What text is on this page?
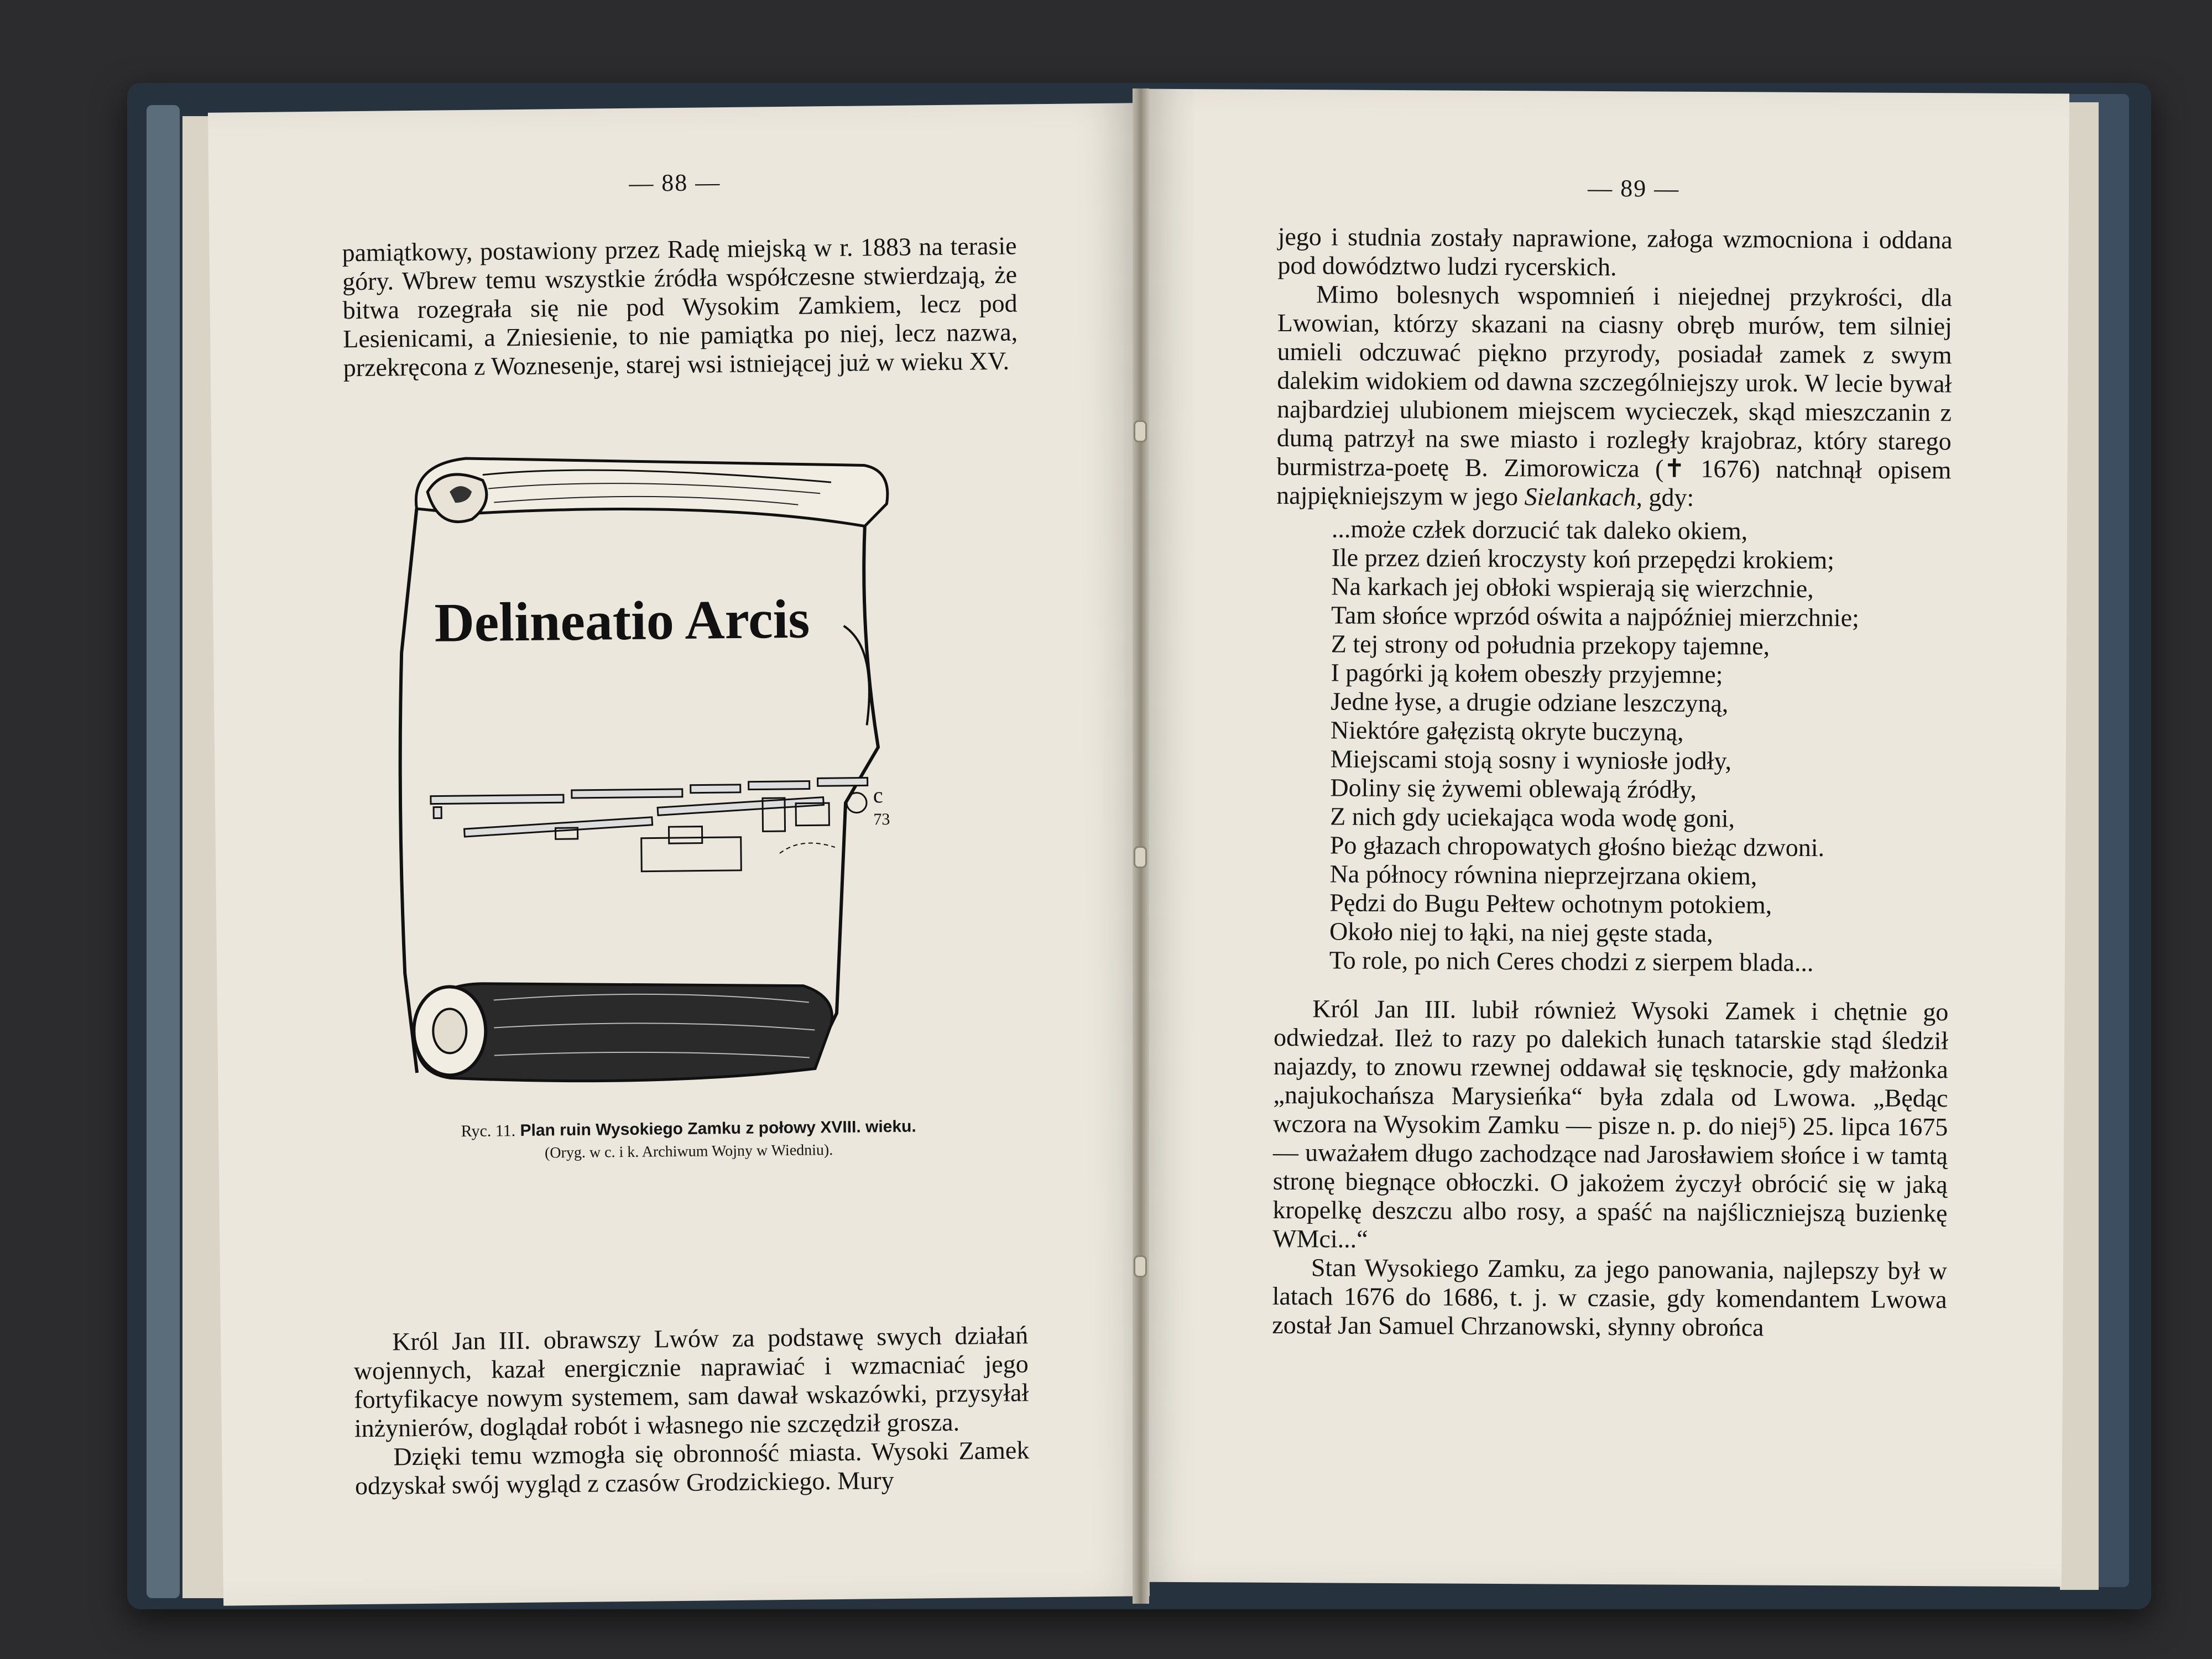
— 88 —

pamiątkowy, postawiony przez Radę miejską w r. 1883 na terasie góry. Wbrew temu wszystkie źródła współczesne stwierdzają, że bitwa rozegrała się nie pod Wysokim Zamkiem, lecz pod Lesienicami, a Zniesienie, to nie pamiątka po niej, lecz nazwa, przekręcona z Woznesenje, starej wsi istniejącej już w wieku XV.

Delineatio Arcis
c
73
Ryc. 11. Plan ruin Wysokiego Zamku z połowy XVIII. wieku.
(Oryg. w c. i k. Archiwum Wojny w Wiedniu).

Król Jan III. obrawszy Lwów za podstawę swych działań wojennych, kazał energicznie naprawiać i wzmacniać jego fortyfikacye nowym systemem, sam dawał wskazówki, przysyłał inżynierów, doglądał robót i własnego nie szczędził grosza.

Dzięki temu wzmogła się obronność miasta. Wysoki Zamek odzyskał swój wygląd z czasów Grodzickiego. Mury

— 89 —

jego i studnia zostały naprawione, załoga wzmocniona i oddana pod dowództwo ludzi rycerskich.

Mimo bolesnych wspomnień i niejednej przykrości, dla Lwowian, którzy skazani na ciasny obręb murów, tem silniej umieli odczuwać piękno przyrody, posiadał zamek z swym dalekim widokiem od dawna szczególniejszy urok. W lecie bywał najbardziej ulubionem miejscem wycieczek, skąd mieszczanin z dumą patrzył na swe miasto i rozległy krajobraz, który starego burmistrza-poetę B. Zimorowicza (✝ 1676) natchnął opisem najpiękniejszym w jego Sielankach, gdy:

...może człek dorzucić tak daleko okiem,
Ile przez dzień kroczysty koń przepędzi krokiem;
Na karkach jej obłoki wspierają się wierzchnie,
Tam słońce wprzód oświta a najpóźniej mierzchnie;
Z tej strony od południa przekopy tajemne,
I pagórki ją kołem obeszły przyjemne;
Jedne łyse, a drugie odziane leszczyną,
Niektóre gałęzistą okryte buczyną,
Miejscami stoją sosny i wyniosłe jodły,
Doliny się żywemi oblewają źródły,
Z nich gdy uciekająca woda wodę goni,
Po głazach chropowatych głośno bieżąc dzwoni.
Na północy równina nieprzejrzana okiem,
Pędzi do Bugu Pełtew ochotnym potokiem,
Około niej to łąki, na niej gęste stada,
To role, po nich Ceres chodzi z sierpem blada...

Król Jan III. lubił również Wysoki Zamek i chętnie go odwiedzał. Ileż to razy po dalekich łunach tatarskie stąd śledził najazdy, to znowu rzewnej oddawał się tęsknocie, gdy małżonka „najukochańsza Marysieńka“ była zdala od Lwowa. „Będąc wczora na Wysokim Zamku — pisze n. p. do niej⁵) 25. lipca 1675 — uważałem długo zachodzące nad Jarosławiem słońce i w tamtą stronę biegnące obłoczki. O jakożem życzył obrócić się w jaką kropelkę deszczu albo rosy, a spaść na najśliczniejszą buzienkę WMci...“

Stan Wysokiego Zamku, za jego panowania, najlepszy był w latach 1676 do 1686, t. j. w czasie, gdy komendantem Lwowa został Jan Samuel Chrzanowski, słynny obrońca
